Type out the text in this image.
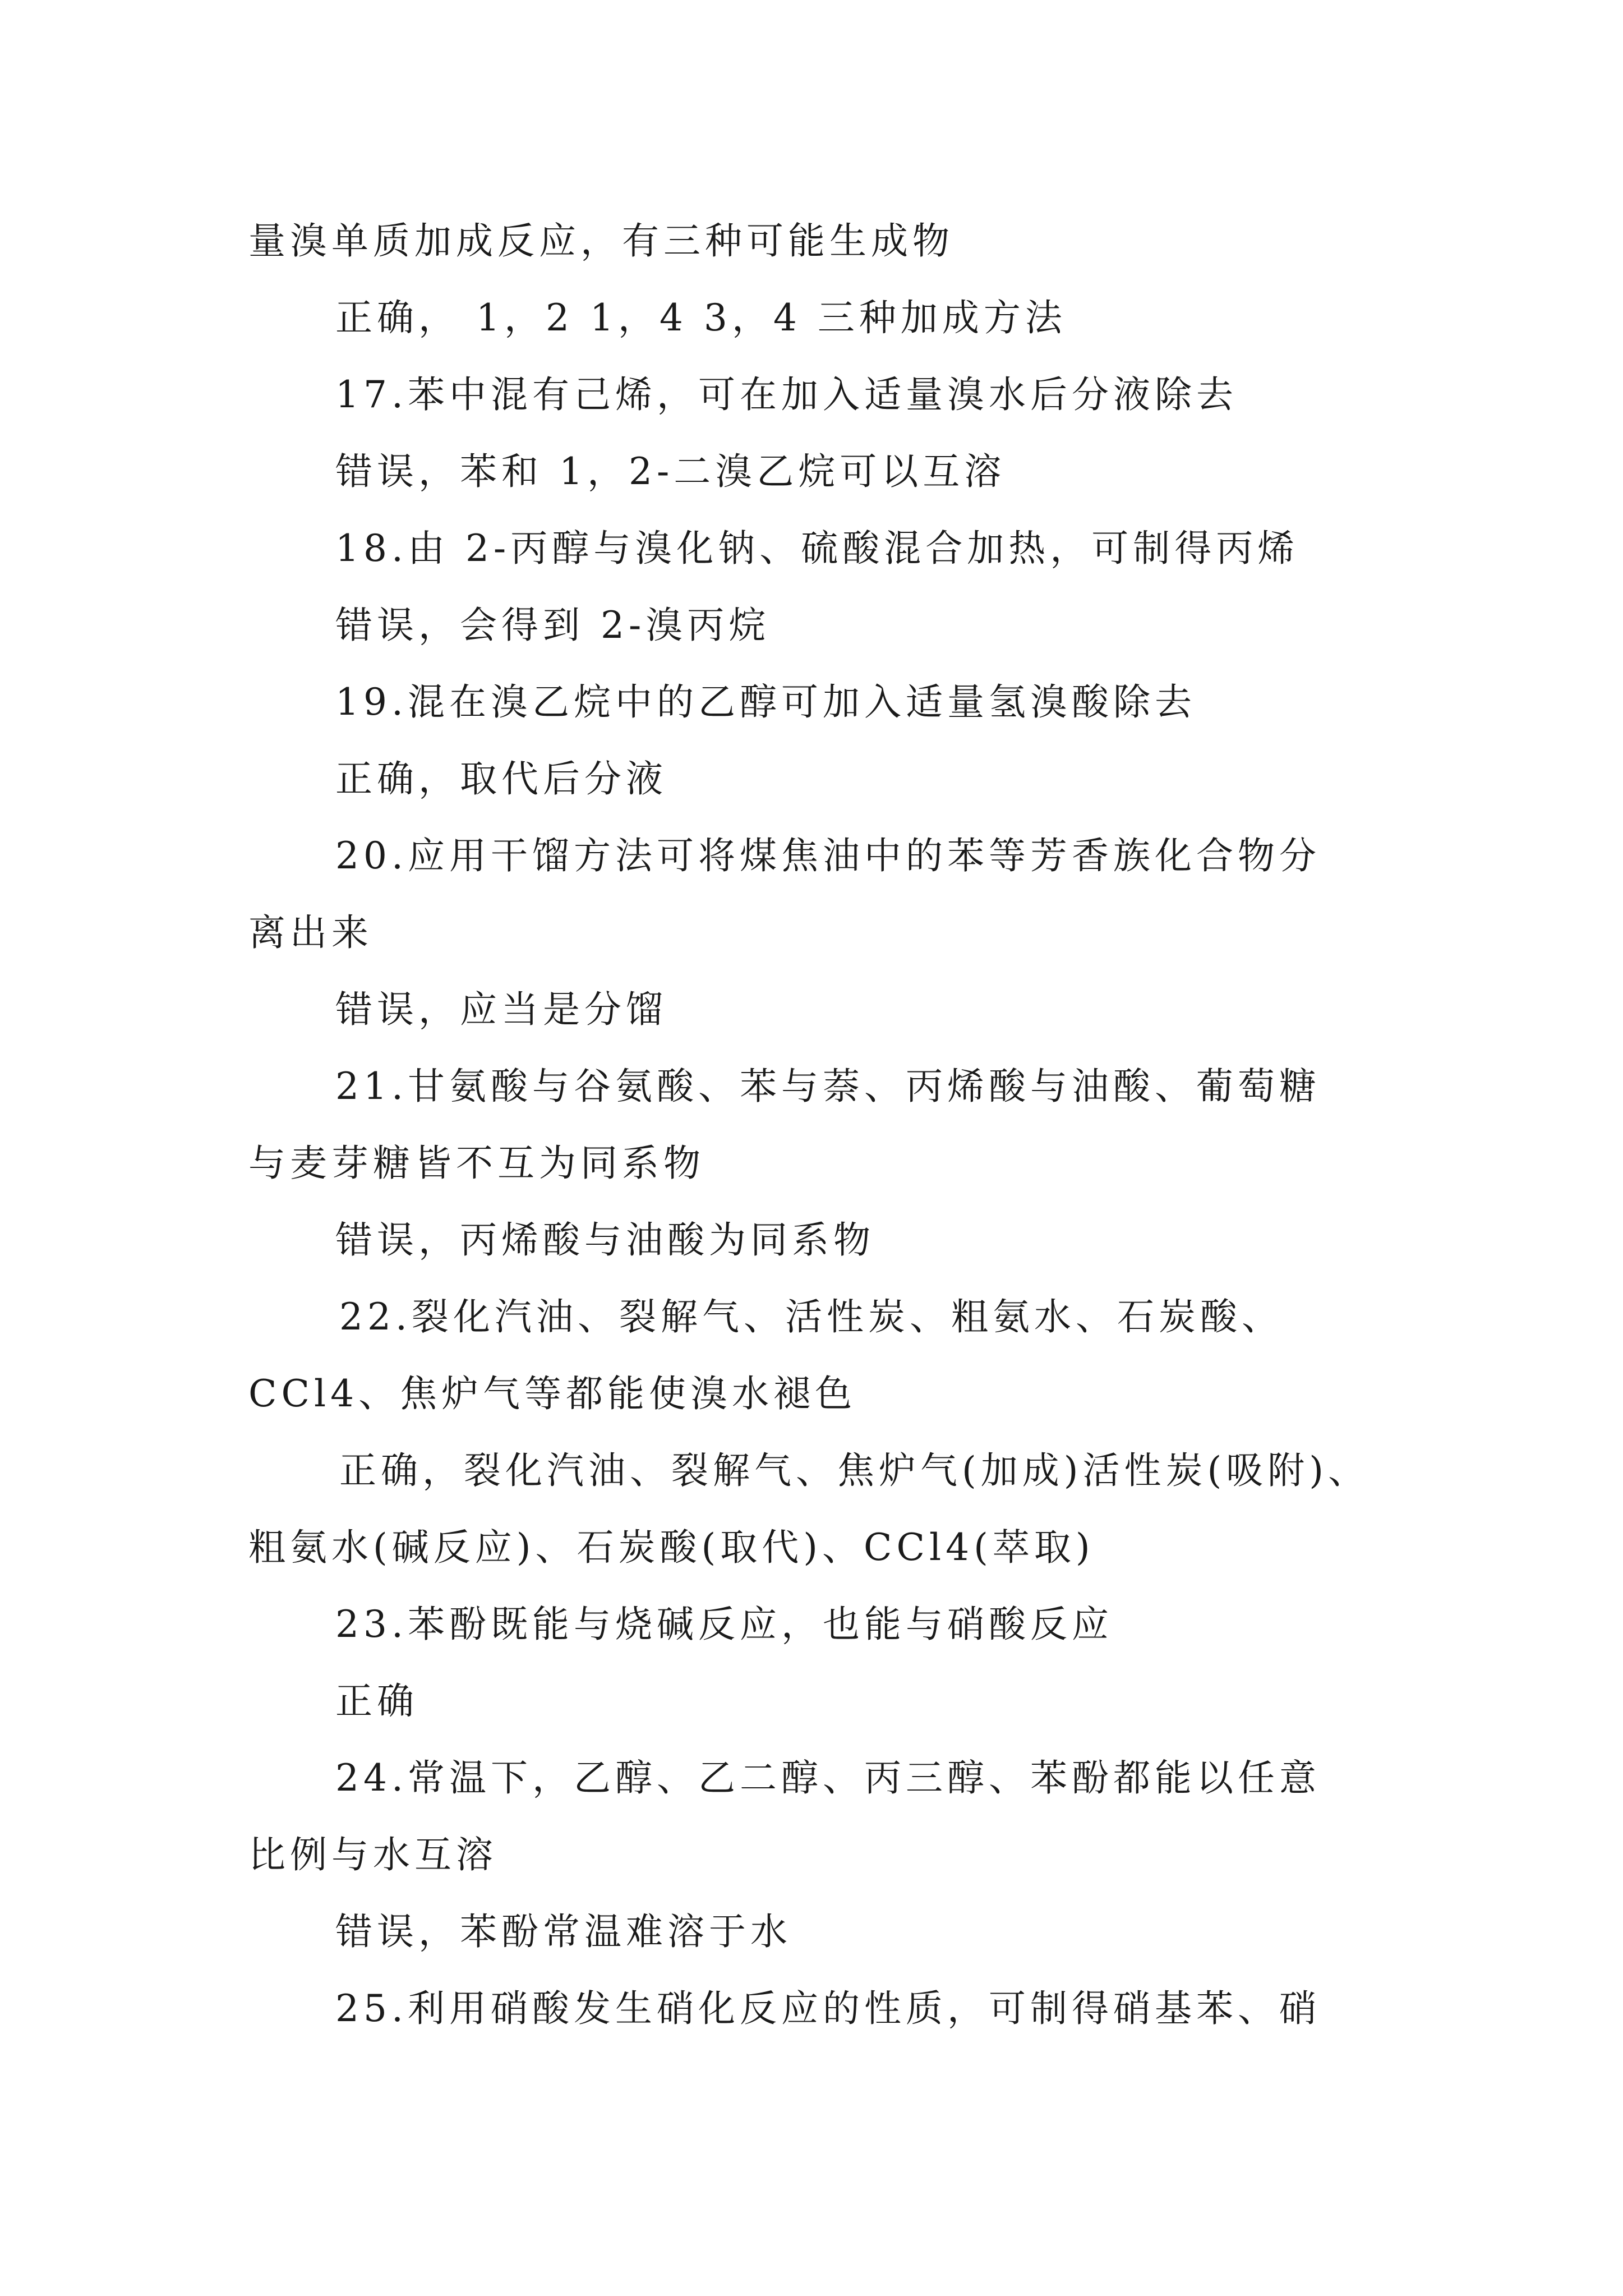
量溴单质加成反应，有三种可能生成物

正确， 1，2 1，4 3，4 三种加成方法

17.苯中混有己烯，可在加入适量溴水后分液除去

错误，苯和 1，2-二溴乙烷可以互溶

18.由 2-丙醇与溴化钠、硫酸混合加热，可制得丙烯

错误，会得到 2-溴丙烷

19.混在溴乙烷中的乙醇可加入适量氢溴酸除去

正确，取代后分液

20.应用干馏方法可将煤焦油中的苯等芳香族化合物分

离出来

错误，应当是分馏

21.甘氨酸与谷氨酸、苯与萘、丙烯酸与油酸、葡萄糖

与麦芽糖皆不互为同系物

错误，丙烯酸与油酸为同系物

22.裂化汽油、裂解气、活性炭、粗氨水、石炭酸、

CCl4、焦炉气等都能使溴水褪色

正确，裂化汽油、裂解气、焦炉气(加成)活性炭(吸附)、

粗氨水(碱反应)、石炭酸(取代)、CCl4(萃取)

23.苯酚既能与烧碱反应，也能与硝酸反应

正确

24.常温下，乙醇、乙二醇、丙三醇、苯酚都能以任意

比例与水互溶

错误，苯酚常温难溶于水

25.利用硝酸发生硝化反应的性质，可制得硝基苯、硝
